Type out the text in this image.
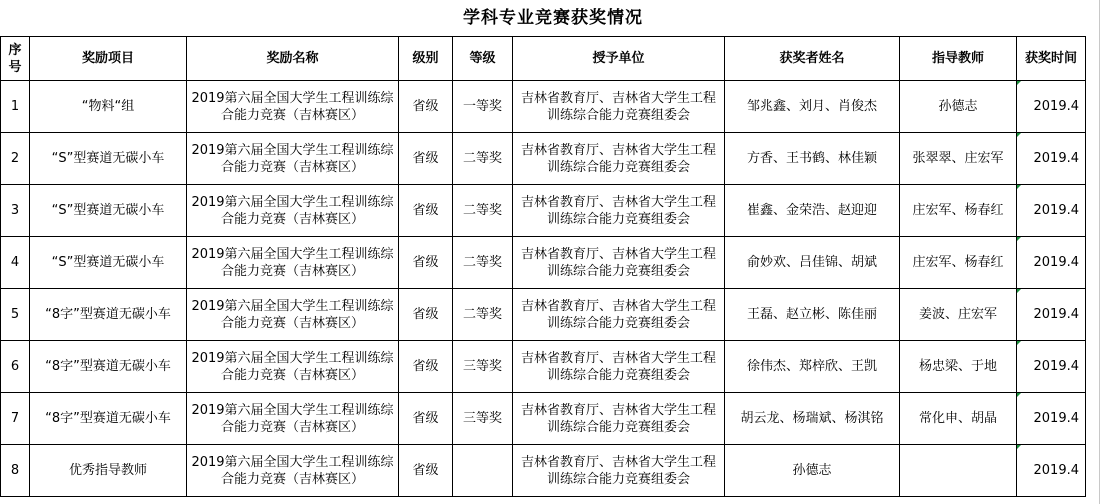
学科专业竞赛获奖情况
序号	奖励项目	奖励名称	级别	等级	授予单位	获奖者姓名	指导教师	获奖时间
1	“物料“组	2019第六届全国大学生工程训练综合能力竞赛（吉林赛区）	省级	一等奖	吉林省教育厅、吉林省大学生工程训练综合能力竞赛组委会	邹兆鑫、刘月、肖俊杰	孙德志	2019.4
2	“S”型赛道无碳小车	2019第六届全国大学生工程训练综合能力竞赛（吉林赛区）	省级	二等奖	吉林省教育厅、吉林省大学生工程训练综合能力竞赛组委会	方香、王书鹤、林佳颖	张翠翠、庄宏军	2019.4
3	“S”型赛道无碳小车	2019第六届全国大学生工程训练综合能力竞赛（吉林赛区）	省级	二等奖	吉林省教育厅、吉林省大学生工程训练综合能力竞赛组委会	崔鑫、金荣浩、赵迎迎	庄宏军、杨春红	2019.4
4	“S”型赛道无碳小车	2019第六届全国大学生工程训练综合能力竞赛（吉林赛区）	省级	二等奖	吉林省教育厅、吉林省大学生工程训练综合能力竞赛组委会	俞妙欢、吕佳锦、胡斌	庄宏军、杨春红	2019.4
5	“8字”型赛道无碳小车	2019第六届全国大学生工程训练综合能力竞赛（吉林赛区）	省级	二等奖	吉林省教育厅、吉林省大学生工程训练综合能力竞赛组委会	王磊、赵立彬、陈佳丽	姜波、庄宏军	2019.4
6	“8字”型赛道无碳小车	2019第六届全国大学生工程训练综合能力竞赛（吉林赛区）	省级	三等奖	吉林省教育厅、吉林省大学生工程训练综合能力竞赛组委会	徐伟杰、郑梓欣、王凯	杨忠梁、于地	2019.4
7	“8字”型赛道无碳小车	2019第六届全国大学生工程训练综合能力竞赛（吉林赛区）	省级	三等奖	吉林省教育厅、吉林省大学生工程训练综合能力竞赛组委会	胡云龙、杨瑞斌、杨淇铭	常化申、胡晶	2019.4
8	优秀指导教师	2019第六届全国大学生工程训练综合能力竞赛（吉林赛区）	省级		吉林省教育厅、吉林省大学生工程训练综合能力竞赛组委会	孙德志		2019.4
